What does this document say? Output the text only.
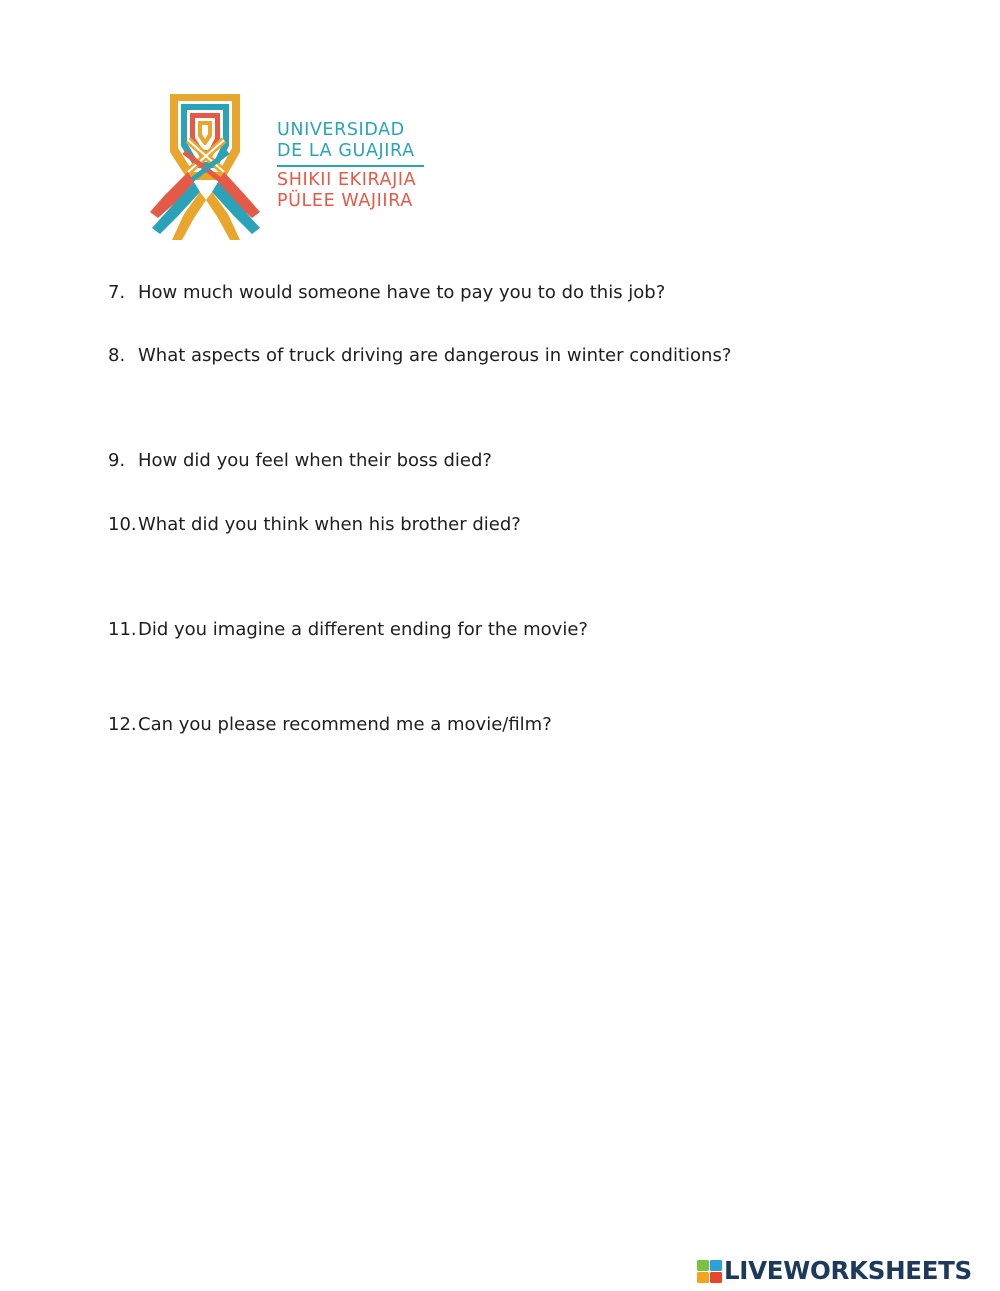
UNIVERSIDAD
DE LA GUAJIRA
SHIKII EKIRAJIA
PÜLEE WAJIIRA
7. How much would someone have to pay you to do this job?
8. What aspects of truck driving are dangerous in winter conditions?
9. How did you feel when their boss died?
10.What did you think when his brother died?
11.Did you imagine a different ending for the movie?
12.Can you please recommend me a movie/film?
LIVEWORKSHEETS
